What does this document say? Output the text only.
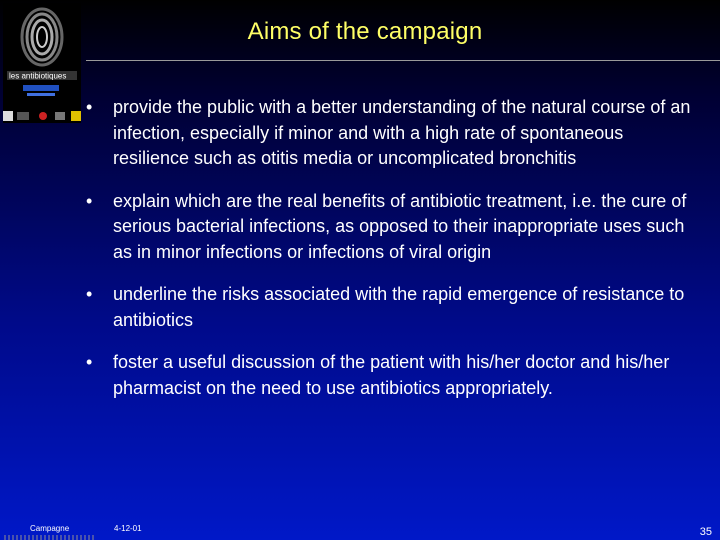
les antibiotiques
Aims of the campaign
•	provide the public with a better understanding of the natural course of an infection, especially if minor and with a high rate of spontaneous resilience such as otitis media or uncomplicated bronchitis
•	explain which are the real benefits of antibiotic treatment, i.e. the cure of serious bacterial infections, as opposed to their inappropriate uses such as in minor infections or infections of viral origin
•	underline the risks associated with the rapid emergence of resistance to antibiotics
•	foster a useful discussion of the patient with his/her doctor and his/her pharmacist on the need to use antibiotics appropriately.
Campagne	4-12-01	35
